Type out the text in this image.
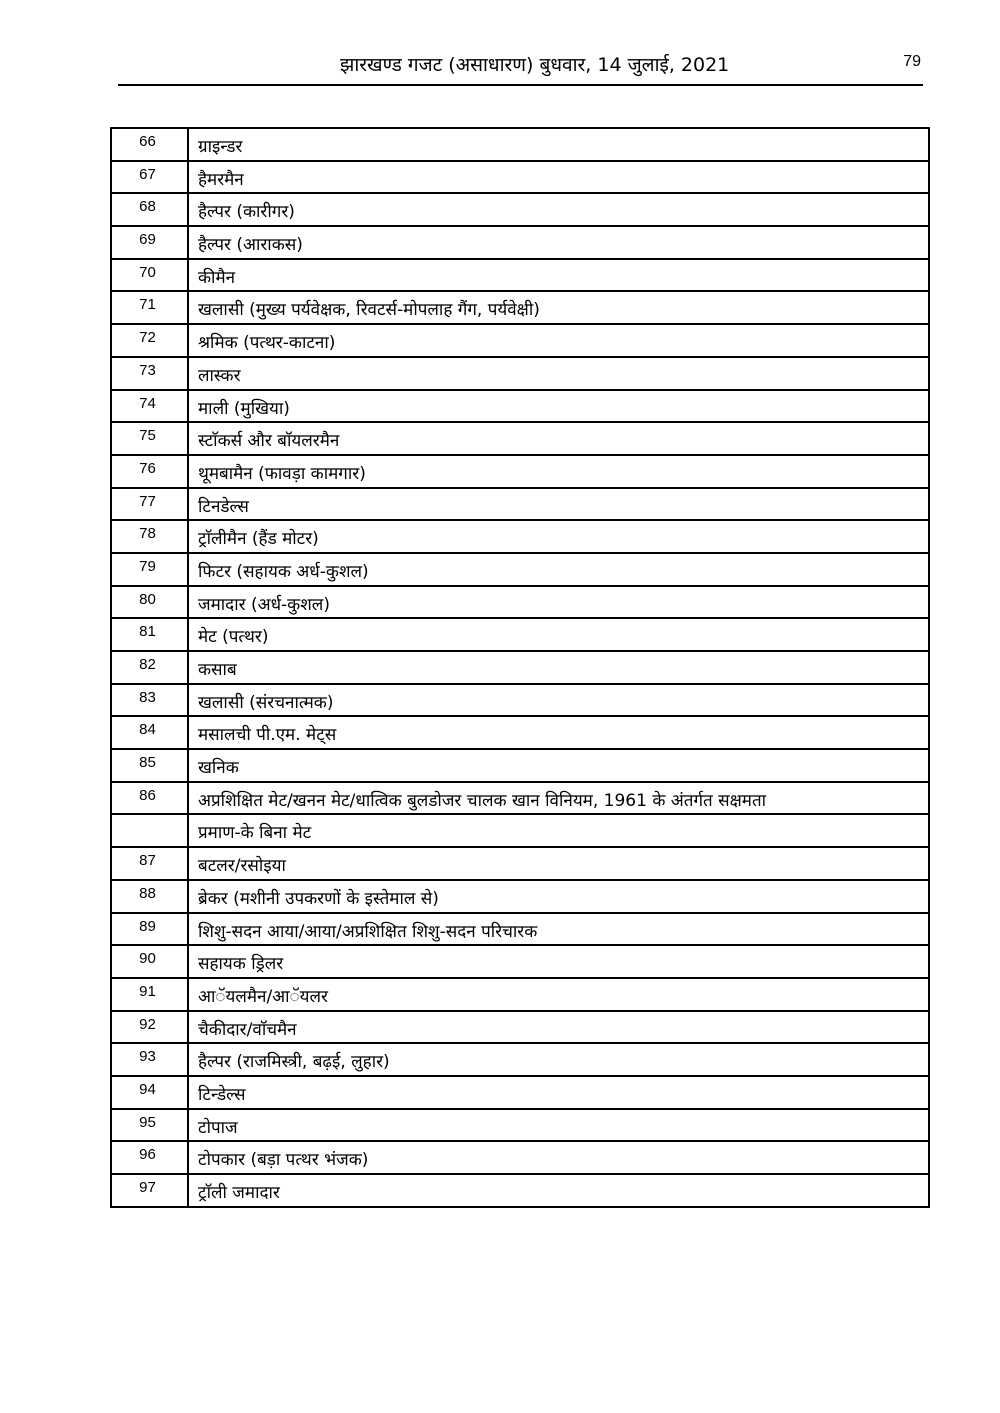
झारखण्ड गजट (असाधारण) बुधवार, 14 जुलाई, 2021	79
66	ग्राइन्डर
67	हैमरमैन
68	हैल्पर (कारीगर)
69	हैल्पर (आराकस)
70	कीमैन
71	खलासी (मुख्य पर्यवेक्षक, रिवटर्स-मोपलाह गैंग, पर्यवेक्षी)
72	श्रमिक (पत्थर-काटना)
73	लास्कर
74	माली (मुखिया)
75	स्टाॅकर्स और बाॅयलरमैन
76	थूमबामैन (फावड़ा कामगार)
77	टिनडेल्स
78	ट्राॅलीमैन (हैंड मोटर)
79	फिटर (सहायक अर्ध-कुशल)
80	जमादार (अर्ध-कुशल)
81	मेट (पत्थर)
82	कसाब
83	खलासी (संरचनात्मक)
84	मसालची पी.एम. मेट्स
85	खनिक
86	अप्रशिक्षित मेट/खनन मेट/धात्विक बुलडोजर चालक खान विनियम, 1961 के अंतर्गत सक्षमता
	प्रमाण-के बिना मेट
87	बटलर/रसोइया
88	ब्रेकर (मशीनी उपकरणों के इस्तेमाल से)
89	शिशु-सदन आया/आया/अप्रशिक्षित शिशु-सदन परिचारक
90	सहायक ड्रिलर
91	आॅयलमैन/आॅयलर
92	चैकीदार/वाॅचमैन
93	हैल्पर (राजमिस्त्री, बढ़ई, लुहार)
94	टिन्डेल्स
95	टोपाज
96	टोपकार (बड़ा पत्थर भंजक)
97	ट्राॅली जमादार
